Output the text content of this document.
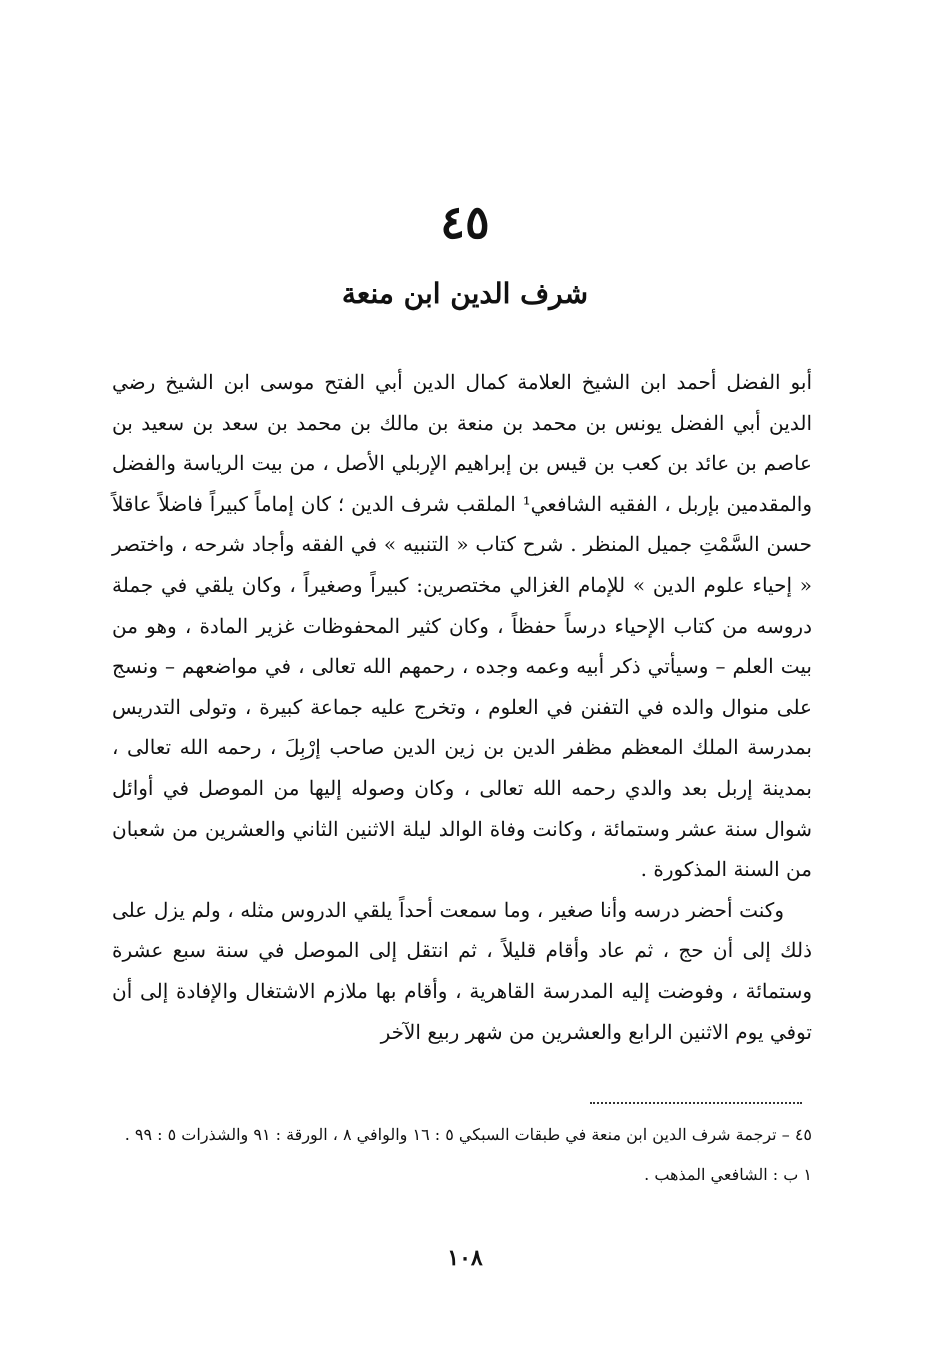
٤٥
شرف الدين ابن منعة

أبو الفضل أحمد ابن الشيخ العلامة كمال الدين أبي الفتح موسى ابن الشيخ رضي الدين أبي الفضل يونس بن محمد بن منعة بن مالك بن محمد بن سعد بن سعيد بن عاصم بن عائد بن كعب بن قيس بن إبراهيم الإربلي الأصل ، من بيت الرياسة والفضل والمقدمين بإربل ، الفقيه الشافعي¹ الملقب شرف الدين ؛ كان إماماً كبيراً فاضلاً عاقلاً حسن السَّمْتِ جميل المنظر . شرح كتاب « التنبيه » في الفقه وأجاد شرحه ، واختصر « إحياء علوم الدين » للإمام الغزالي مختصرين: كبيراً وصغيراً ، وكان يلقي في جملة دروسه من كتاب الإحياء درساً حفظاً ، وكان كثير المحفوظات غزير المادة ، وهو من بيت العلم – وسيأتي ذكر أبيه وعمه وجده ، رحمهم الله تعالى ، في مواضعهم – ونسج على منوال والده في التفنن في العلوم ، وتخرج عليه جماعة كبيرة ، وتولى التدريس بمدرسة الملك المعظم مظفر الدين بن زين الدين صاحب إرْبِلَ ، رحمه الله تعالى ، بمدينة إربل بعد والدي رحمه الله تعالى ، وكان وصوله إليها من الموصل في أوائل شوال سنة عشر وستمائة ، وكانت وفاة الوالد ليلة الاثنين الثاني والعشرين من شعبان من السنة المذكورة .

وكنت أحضر درسه وأنا صغير ، وما سمعت أحداً يلقي الدروس مثله ، ولم يزل على ذلك إلى أن حج ، ثم عاد وأقام قليلاً ، ثم انتقل إلى الموصل في سنة سبع عشرة وستمائة ، وفوضت إليه المدرسة القاهرية ، وأقام بها ملازم الاشتغال والإفادة إلى أن توفي يوم الاثنين الرابع والعشرين من شهر ربيع الآخر

٤٥ – ترجمة شرف الدين ابن منعة في طبقات السبكي ٥ : ١٦ والوافي ٨ ، الورقة : ٩١ والشذرات ٥ : ٩٩ .

١ ب : الشافعي المذهب .

١٠٨
